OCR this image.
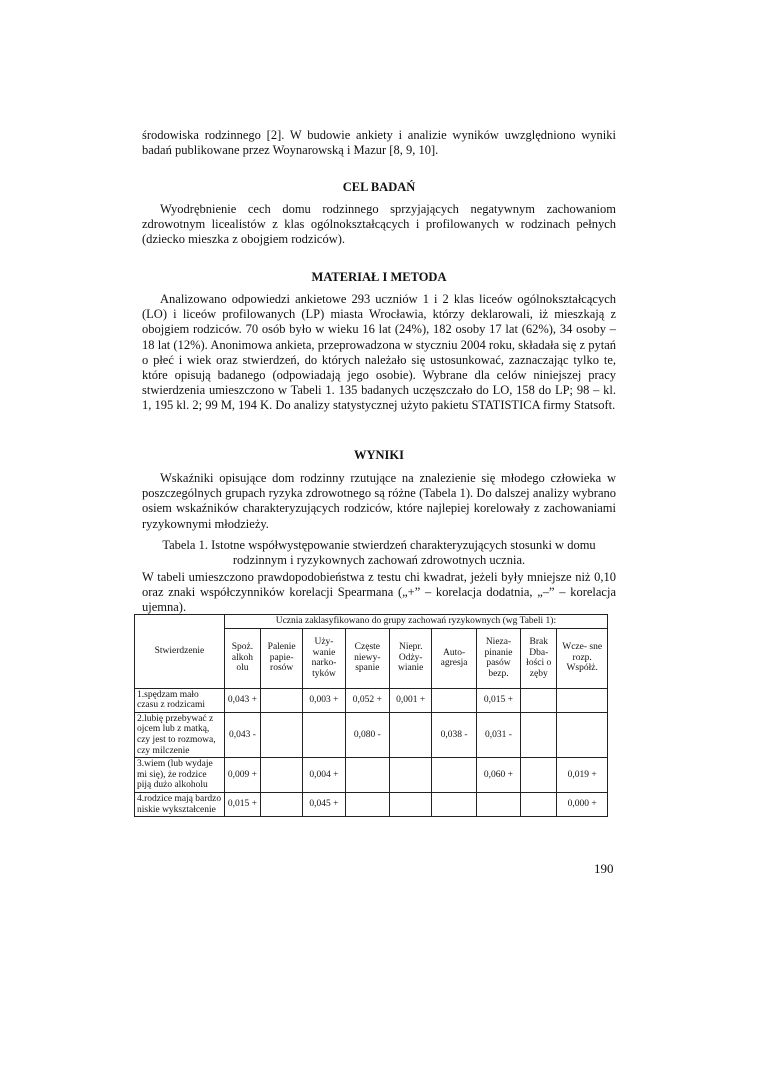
środowiska rodzinnego [2]. W budowie ankiety i analizie wyników uwzględniono wyniki badań publikowane przez Woynarowską i Mazur [8, 9, 10].

CEL BADAŃ

Wyodrębnienie cech domu rodzinnego sprzyjających negatywnym zachowaniom zdrowotnym licealistów z klas ogólnokształcących i profilowanych w rodzinach pełnych (dziecko mieszka z obojgiem rodziców).

MATERIAŁ I METODA

Analizowano odpowiedzi ankietowe 293 uczniów 1 i 2 klas liceów ogólnokształcących (LO) i liceów profilowanych (LP) miasta Wrocławia, którzy deklarowali, iż mieszkają z obojgiem rodziców. 70 osób było w wieku 16 lat (24%), 182 osoby 17 lat (62%), 34 osoby – 18 lat (12%). Anonimowa ankieta, przeprowadzona w styczniu 2004 roku, składała się z pytań o płeć i wiek oraz stwierdzeń, do których należało się ustosunkować, zaznaczając tylko te, które opisują badanego (odpowiadają jego osobie). Wybrane dla celów niniejszej pracy stwierdzenia umieszczono w Tabeli 1. 135 badanych uczęszczało do LO, 158 do LP; 98 – kl. 1, 195 kl. 2; 99 M, 194 K. Do analizy statystycznej użyto pakietu STATISTICA firmy Statsoft.

WYNIKI

Wskaźniki opisujące dom rodzinny rzutujące na znalezienie się młodego człowieka w poszczególnych grupach ryzyka zdrowotnego są różne (Tabela 1). Do dalszej analizy wybrano osiem wskaźników charakteryzujących rodziców, które najlepiej korelowały z zachowaniami ryzykownymi młodzieży.

Tabela 1. Istotne współwystępowanie stwierdzeń charakteryzujących stosunki w domu rodzinnym i ryzykownych zachowań zdrowotnych ucznia.

W tabeli umieszczono prawdopodobieństwa z testu chi kwadrat, jeżeli były mniejsze niż 0,10 oraz znaki współczynników korelacji Spearmana („+” – korelacja dodatnia, „–” – korelacja ujemna).

Stwierdzenie	Ucznia zaklasyfikowano do grupy zachowań ryzykownych (wg Tabeli 1):								
	Spoż. alkoh olu	Palenie papie- rosów	Uży- wanie narko- tyków	Częste niewy- spanie	Niepr. Odży- wianie	Auto- agresja	Nieza- pinanie pasów bezp.	Brak Dba- łości o zęby	Wcze- sne rozp. Współż.
1.spędzam mało czasu z rodzicami	0,043 +		0,003 +	0,052 +	0,001 +		0,015 +		
2.lubię przebywać z ojcem lub z matką, czy jest to rozmowa, czy milczenie	0,043 -			0,080 -		0,038 -	0,031 -		
3.wiem (lub wydaje mi się), że rodzice piją dużo alkoholu	0,009 +		0,004 +				0,060 +		0,019 +
4.rodzice mają bardzo niskie wykształcenie	0,015 +		0,045 +						0,000 +
190
